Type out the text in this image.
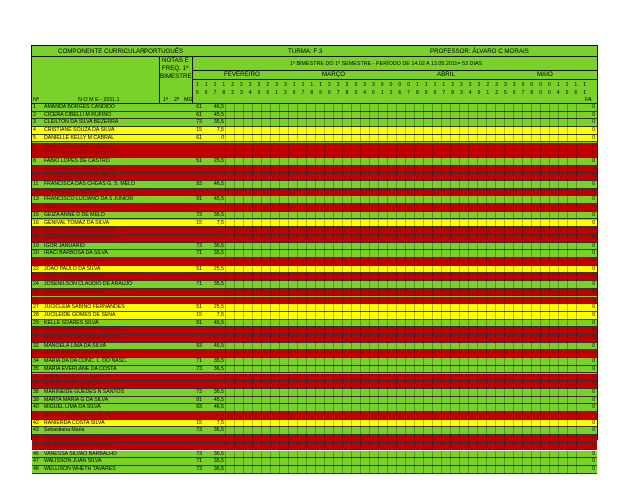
COMPONENTE CURRICULAR:
PORTUGUÊS	TURMA: F 3	PROFESSOR: ÁLVARO C MORAIS
NOTAS E
FREQ. 1º
BIMESTRE
1º BIMESTRE DO 1º SEMESTRE - PERÍODO DE 14.02 A 13.05.2011= 53 DIAS
FEVEREIRO	MARÇO	ABRIL	MAIO
1 1 1 1 2 2 2 2 2 3 3 1 1 1 1 2 2 2 3 3 3 0 0 0 0 1 1 1 1 2 2 2 2 2 3 3 3 0 0 0 0 1 1 1 1
5 6 7 8 2 3 4 5 6 1 2 6 7 8 5 6 7 8 3 4 6 1 2 6 7 8 5 6 7 8 3 4 6 1 2 5 6 7 8 0 0 4 5 6 1
Nº	N O M E - 2011.1	1ª 2ª MG	FA
1	AMANDA BORGES CANDIDO	61 46,5	0
2	CICERA CIBELLI M RUFINO	61 45,5	0
3	CLEILTON DA SILVA BEZERRA	73 36,5	0
4	CRISTIANE SOUZA DA SILVA	15	7,5	0
5	DANIELLE KELLY M CABRAL	61	0	0
6	DIEGO DOS SANTOS SILVA	0
7	EDNALDO SANTOS DA SILVA	0
8	FABIO LOPES DE CASTRO	51 25,5	0
9	FERNANDA MARIA DA SILVA	0
10	FRANCISCA MARIA DE MELO	0
11	FRANCISCA DAS CHGAS G. S. MELO	93 46,5	0
12	FRANCISCO DA SILVA	0
13	FRANCISCO LUCIANO DA S JUNIOR	91 45,5	0
14	GERALDO JOSE DE SOUZA	0
15	GEIZA ANNE D DE MELO	73 36,5	0
16	GENIVAL TOMAZ DA SILVA	15	7,5	0
17	GILVANIA PEREIRA DA SILVA	0
18	HELENA MARIA DOS SANTOS	0
19	IGOR JANUARIO	73 36,5	0
20	IRACI BARBOSA DA SILVA	71 35,5	0
21	JOAO BATISTA DA SILVA	0
22	JOÃO PAULO DA SILVA	51 25,5	0
23	JOSE CARLOS DA SILVA	0
24	JOSENILSON CLAUDIO DE ARAUJO	71 35,5	0
25	JOSEFA MARIA DA SILVA	0
26	JOSE RODRIGUES DA SILVA	0
27	JUCICLEIA SABINO FERNANDES	51 25,5	0
28	JUCILEIDE GOMES DE SENA	15	7,5	0
29	KELLE SOARES SILVA	91 45,5	0
30	LUIZ HENRIQUE SANTOS LOPES	0
31	MANOEL FRANCISCO DA SILVA	0
32	MANOELA LIMA DA SILVA	93 46,5	0
33	MARIA APARECIDA DA SILVA	0
34	MARIA DA DA CONC. L. DO NASC.	71 35,5	0
35	MARIA EVERLANE DA COSTA	73 36,5	0
36	MARIA JOSE DOS SANTOS	0
37	MARIA LUCIA DA SILVA	0
38	MARINEIDE GUEDES N SANTOS	73 36,5	0
39	MARTA MARIA G DA SILVA	91 45,5	0
40	MIGUEL LIMA DA SILVA	93 46,5	0
41	PAULO RICARDO DA SILVA	0
42	RANIERDA COSTA SILVA	15	7,5	0
43	Sebastiana Maria	73 36,5	0
44	SIMONE COSTA DOS SANTOS	0
45	SEVERINO JOSE DA SILVA	0
46	VANESSA SILVAO BARBALHO	73 36,5	0
47	WALISSON JUAN SILVA	71 35,5	0
48	WELLISON WHETH TAVARES	73 36,5	0
